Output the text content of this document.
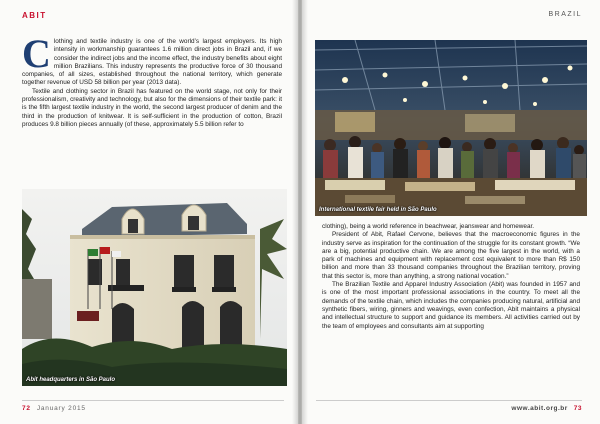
ABIT
C lothing and textile industry is one of the world’s largest employers. Its high intensity in workmanship guarantees 1.6 million direct jobs in Brazil and, if we consider the indirect jobs and the income effect, the industry benefits about eight million Brazilians. This industry represents the productive force of 30 thousand companies, of all sizes, established throughout the national territory, which generate together revenue of USD 58 billion per year (2013 data).

Textile and clothing sector in Brazil has featured on the world stage, not only for their professionalism, creativity and technology, but also for the dimensions of their textile park: it is the fifth largest textile industry in the world, the second largest producer of denim and the third in the production of knitwear. It is self-sufficient in the production of cotton, Brazil produces 9.8 billion pieces annually (of these, approximately 5.5 billion refer to

Abit headquarters in São Paulo
72 January 2015
BRAZIL
International textile fair held in São Paulo

clothing), being a world reference in beachwear, jeanswear and homewear.

President of Abit, Rafael Cervone, believes that the macroeconomic figures in the industry serve as inspiration for the continuation of the struggle for its constant growth. “We are a big, potential productive chain. We are among the five largest in the world, with a park of machines and equipment with replacement cost equivalent to more than R$ 150 billion and more than 33 thousand companies throughout the Brazilian territory, proving that this sector is, more than anything, a strong national vocation.”

The Brazilian Textile and Apparel Industry Association (Abit) was founded in 1957 and is one of the most important professional associations in the country. To meet all the demands of the textile chain, which includes the companies producing natural, artificial and synthetic fibers, wiring, ginners and weavings, even confection, Abit maintains a physical and intellectual structure to support and guidance its members. All activities carried out by the team of employees and consultants aim at supporting

www.abit.org.br 73
